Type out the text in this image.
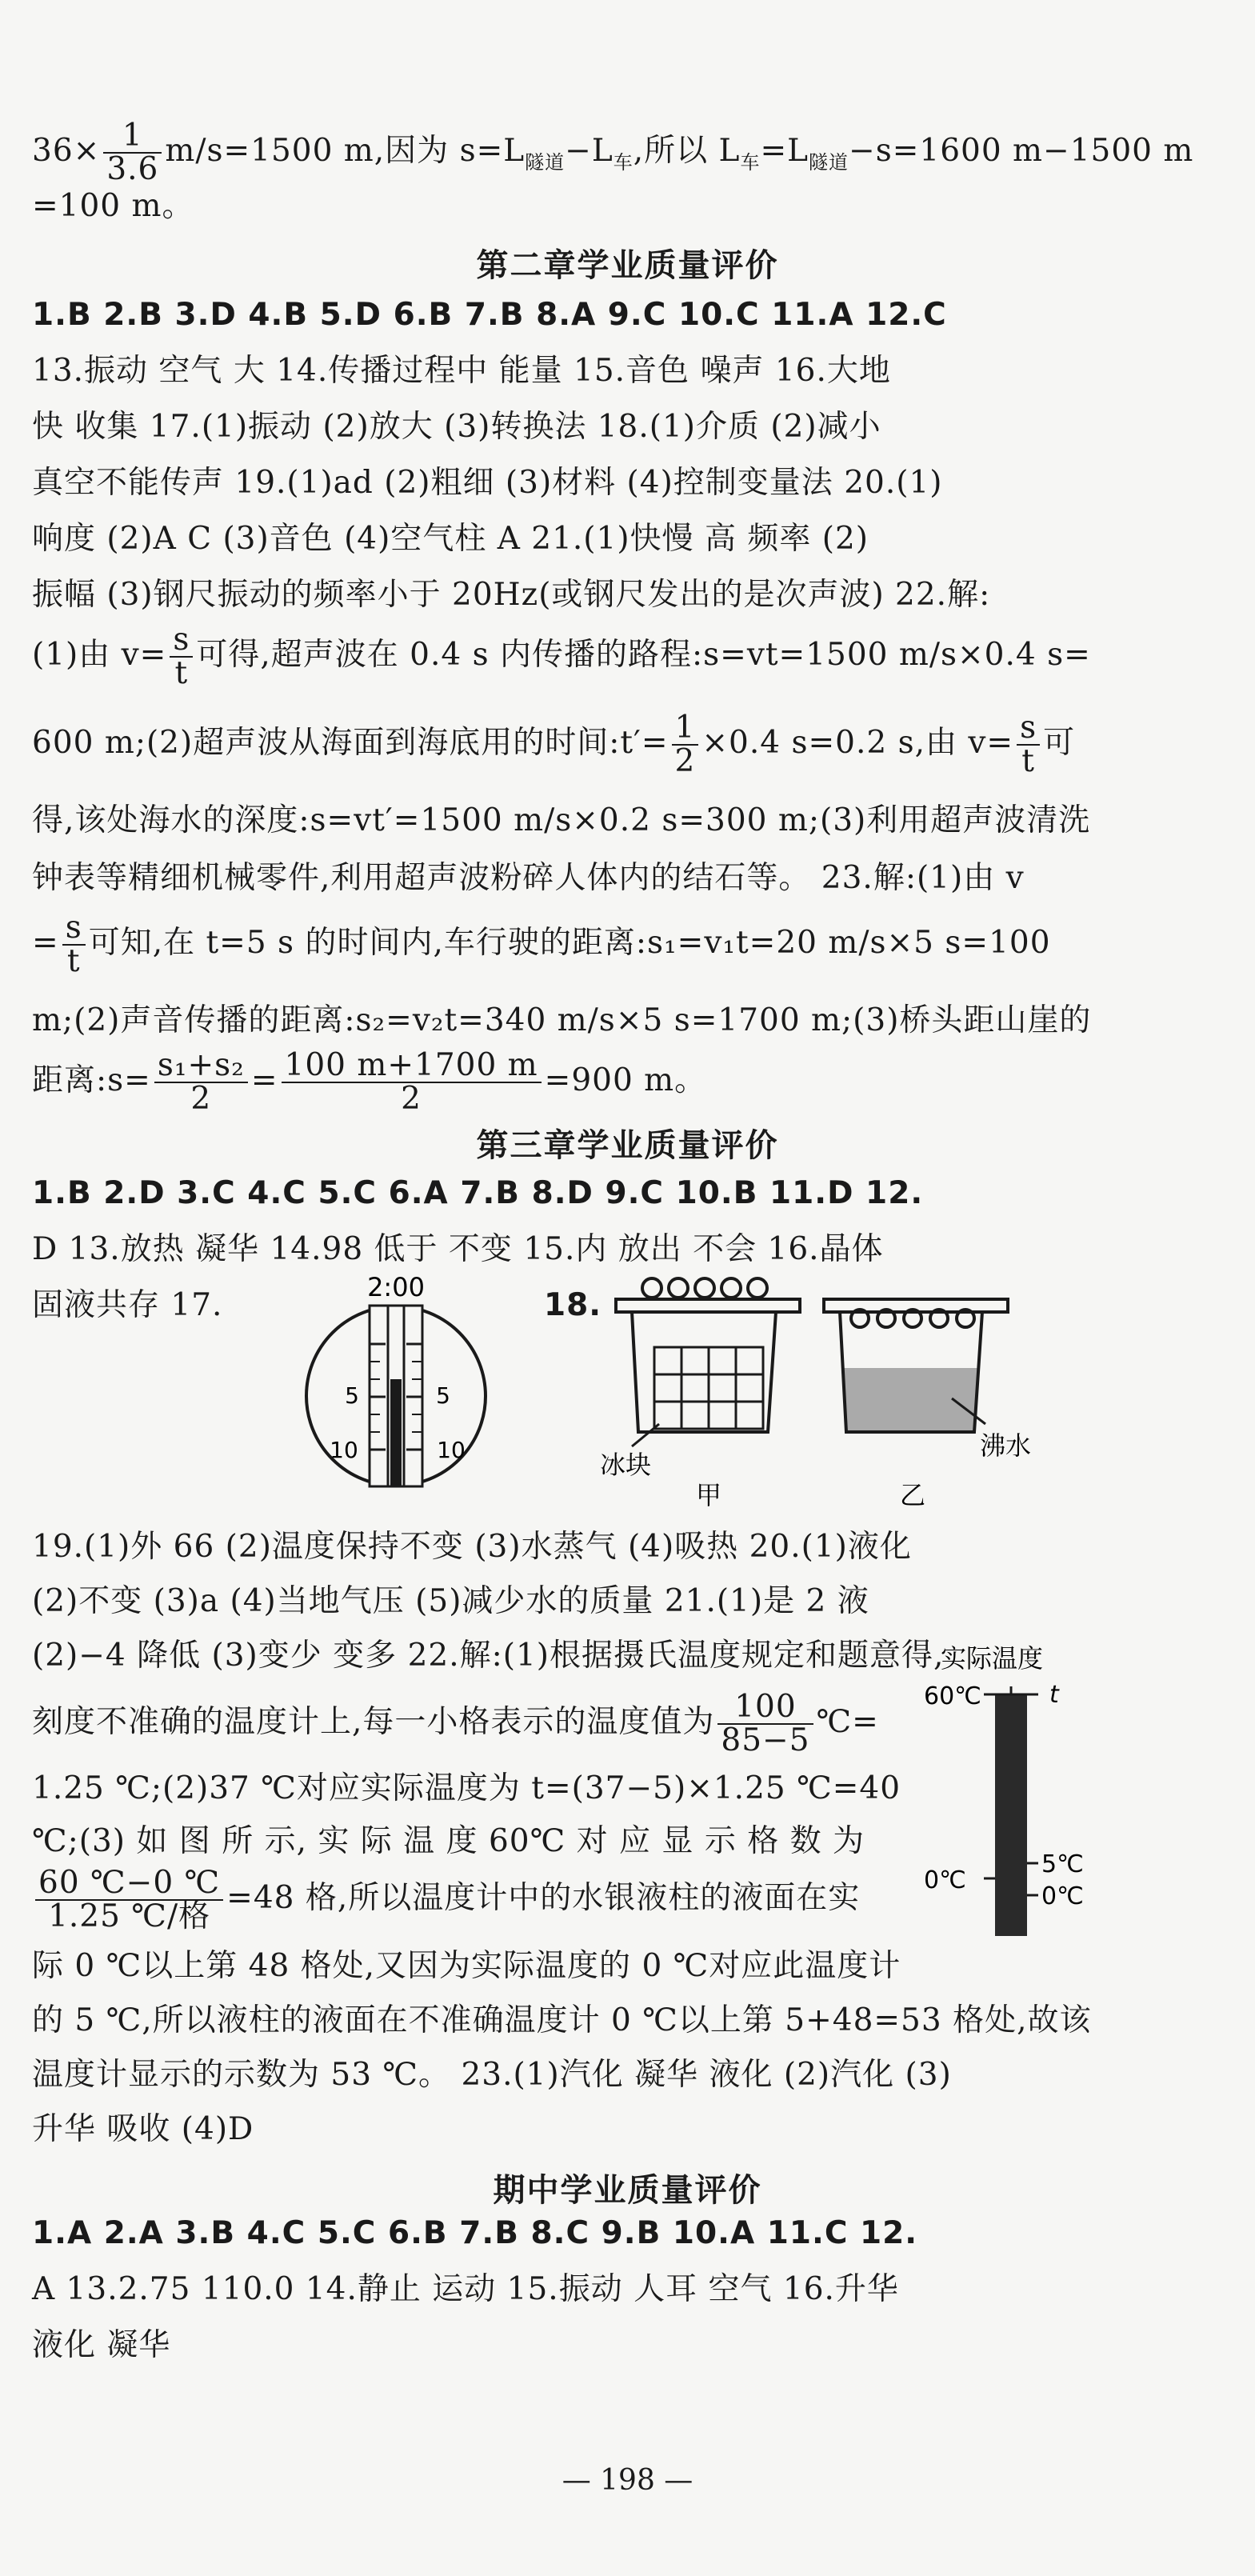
$36\times \frac{1}{3.6} m/s=1500$ m,因为 $s=L_{隧道}-L_车$,所以 $L_车=L_{隧道}-s=1600$ m−1500 m
=100 m。
第二章学业质量评价
1.B 2.B 3.D 4.B 5.D 6.B 7.B 8.A 9.C 10.C 11.A 12.C
13.振动 空气 大 14.传播过程中 能量 15.音色 噪声 16.大地
快 收集 17.(1)振动 (2)放大 (3)转换法 18.(1)介质 (2)减小
真空不能传声 19.(1)ad (2)粗细 (3)材料 (4)控制变量法 20.(1)
响度 (2)A C (3)音色 (4)空气柱 A 21.(1)快慢 高 频率 (2)
振幅 (3)钢尺振动的频率小于 20Hz(或钢尺发出的是次声波) 22.解:
(1)由 $v= \frac{s}{t}$ 可得,超声波在 0.4 s 内传播的路程:s=vt=1500 m/s×0.4 s=
600 m;(2)超声波从海面到海底用的时间:t′= $\frac{1}{2} \times 0.4$ s=0.2 s,由 $v= \frac{s}{t}$ 可
得,该处海水的深度:s=vt′=1500 m/s×0.2 s=300 m;(3)利用超声波清洗
钟表等精细机械零件,利用超声波粉碎人体内的结石等。 23.解:(1)由 v
= $\frac{s}{t}$ 可知,在 t=5 s 的时间内,车行驶的距离:s₁=v₁t=20 m/s×5 s=100
m;(2)声音传播的距离:s₂=v₂t=340 m/s×5 s=1700 m;(3)桥头距山崖的
距离:s= $\frac{\text{s₁+s₂}}{2} = \frac{100 m+1700 m}{2} =900$ m。
第三章学业质量评价
1.B 2.D 3.C 4.C 5.C 6.A 7.B 8.D 9.C 10.B 11.D 12.
D 13.放热 凝华 14.98 低于 不变 15.内 放出 不会 16.晶体
固液共存 17.	18.
2:00
5	5
10	10	冰块
甲
沸水
乙
19.(1)外 66 (2)温度保持不变 (3)水蒸气 (4)吸热 20.(1)液化
(2)不变 (3)a (4)当地气压 (5)减少水的质量 21.(1)是 2 液
(2)−4 降低 (3)变少 变多 22.解:(1)根据摄氏温度规定和题意得,
刻度不准确的温度计上,每一小格表示的温度值为 $\frac{100}{85-5}$ ℃=
1.25 ℃;(2)37 ℃对应实际温度为 t=(37−5)×1.25 ℃=40
℃;(3) 如 图 所 示, 实 际 温 度 60℃ 对 应 显 示 格 数 为
60 ℃−0 ℃
1.25 ℃/格
=48 格,所以温度计中的水银液柱的液面在实
际 0 ℃以上第 48 格处,又因为实际温度的 0 ℃对应此温度计
实际温度
60℃	t
0℃
5℃
0℃
的 5 ℃,所以液柱的液面在不准确温度计 0 ℃以上第 5+48=53 格处,故该
温度计显示的示数为 53 ℃。 23.(1)汽化 凝华 液化 (2)汽化 (3)
升华 吸收 (4)D
期中学业质量评价
1.A 2.A 3.B 4.C 5.C 6.B 7.B 8.C 9.B 10.A 11.C 12.
A 13.2.75 110.0 14.静止 运动 15.振动 人耳 空气 16.升华
液化 凝华
— 198 —
